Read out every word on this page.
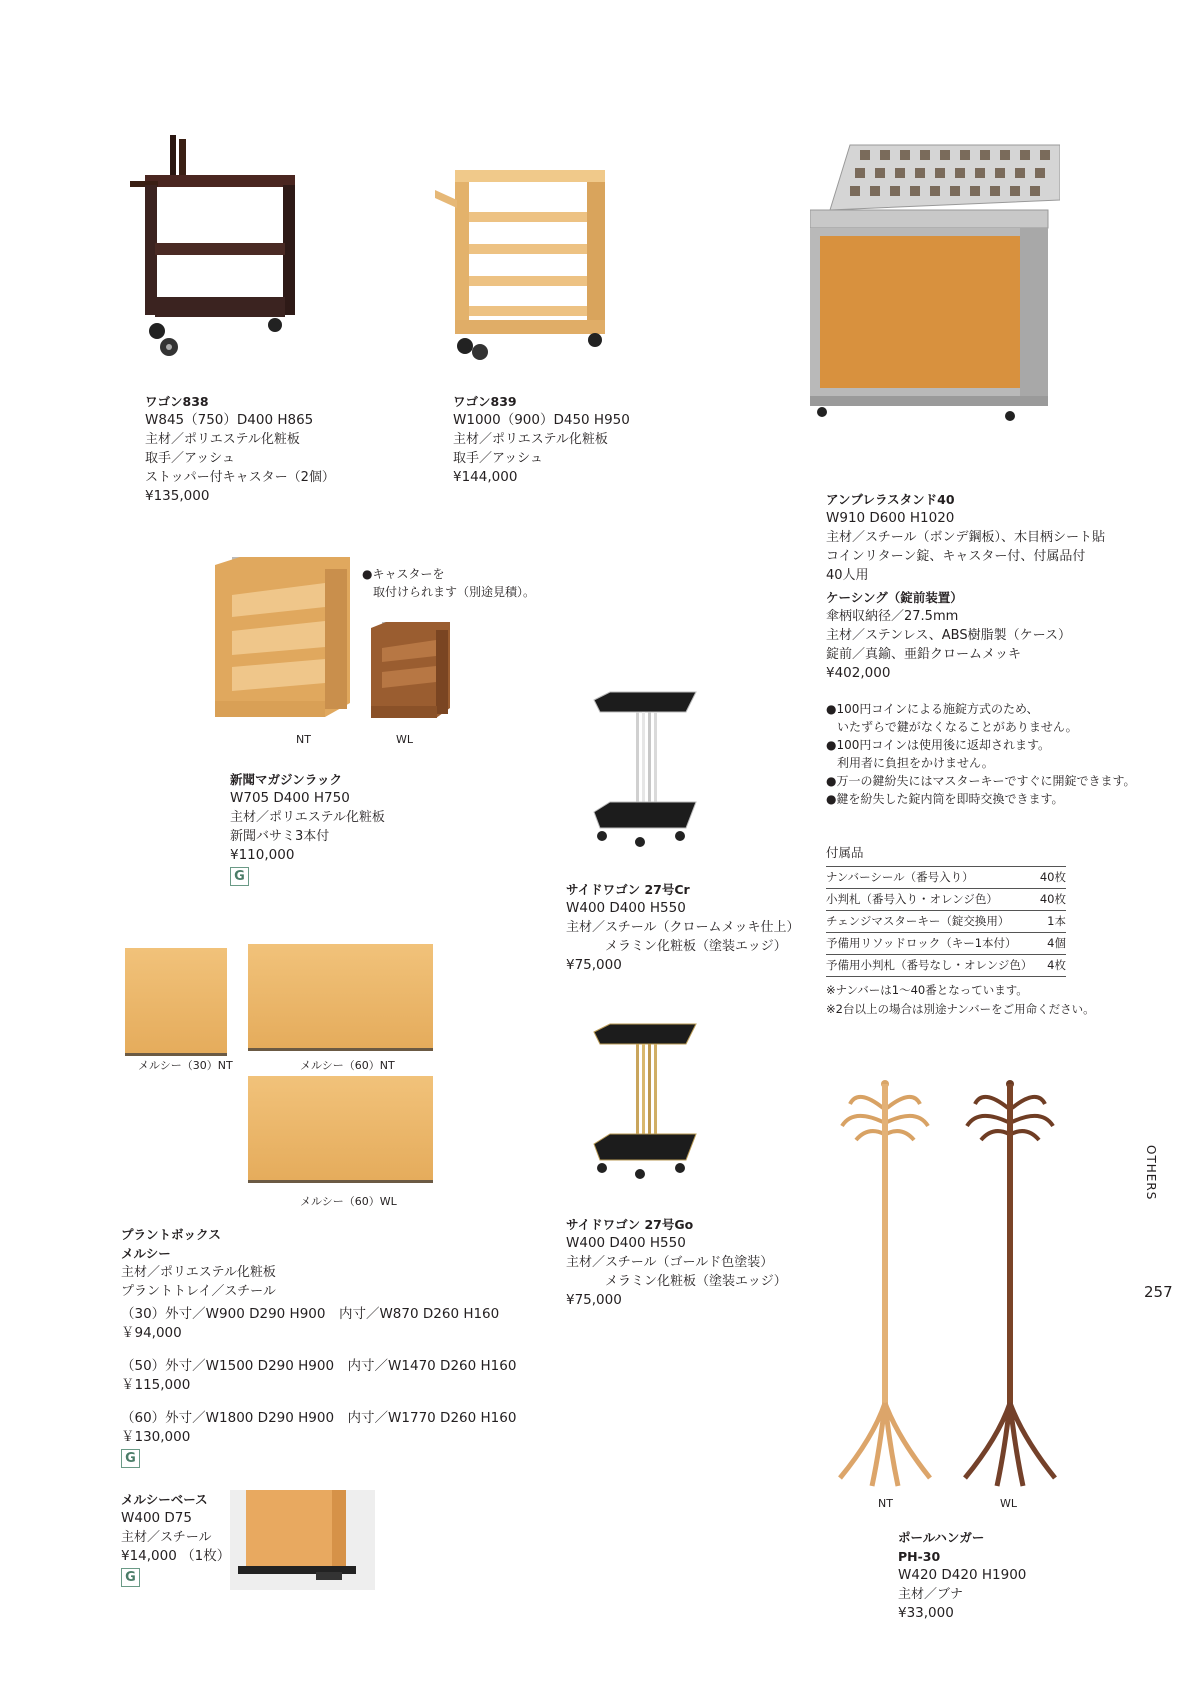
ワゴン838
W845（750）D400 H865
主材／ポリエステル化粧板
取手／アッシュ
ストッパー付キャスター（2個）
¥135,000
ワゴン839
W1000（900）D450 H950
主材／ポリエステル化粧板
取手／アッシュ
¥144,000
アンブレラスタンド40
W910 D600 H1020
主材／スチール（ボンデ鋼板）、木目柄シート貼
コインリターン錠、キャスター付、付属品付
40人用
ケーシング（錠前装置）
傘柄収納径／27.5mm
主材／ステンレス、ABS樹脂製（ケース）
錠前／真鍮、亜鉛クロームメッキ
¥402,000
●100円コインによる施錠方式のため、
いたずらで鍵がなくなることがありません。
●100円コインは使用後に返却されます。
利用者に負担をかけません。
●万一の鍵紛失にはマスターキーですぐに開錠できます。
●鍵を紛失した錠内筒を即時交換できます。
付属品
ナンバーシール（番号入り）	40枚
小判札（番号入り・オレンジ色）	40枚
チェンジマスターキー（錠交換用）	1本
予備用リソッドロック（キー1本付）	4個
予備用小判札（番号なし・オレンジ色）	4枚
※ナンバーは1〜40番となっています。
※2台以上の場合は別途ナンバーをご用命ください。
●キャスターを
取付けられます（別途見積）。
NT	WL
新聞マガジンラック
W705 D400 H750
主材／ポリエステル化粧板
新聞バサミ3本付
¥110,000
G
サイドワゴン 27号Cr
W400 D400 H550
主材／スチール（クロームメッキ仕上）
メラミン化粧板（塗装エッジ）
¥75,000
サイドワゴン 27号Go
W400 D400 H550
主材／スチール（ゴールド色塗装）
メラミン化粧板（塗装エッジ）
¥75,000
メルシー（30）NT	メルシー（60）NT
メルシー（60）WL
プラントボックス
メルシー
主材／ポリエステル化粧板
プラントトレイ／スチール
（30）外寸／W900 D290 H900　内寸／W870 D260 H160
￥94,000
（50）外寸／W1500 D290 H900　内寸／W1470 D260 H160
￥115,000
（60）外寸／W1800 D290 H900　内寸／W1770 D260 H160
￥130,000
G
メルシーベース
W400 D75
主材／スチール
¥14,000 （1枚）
G
NT	WL
ポールハンガー
PH-30
W420 D420 H1900
主材／ブナ
¥33,000
OTHERS
257
